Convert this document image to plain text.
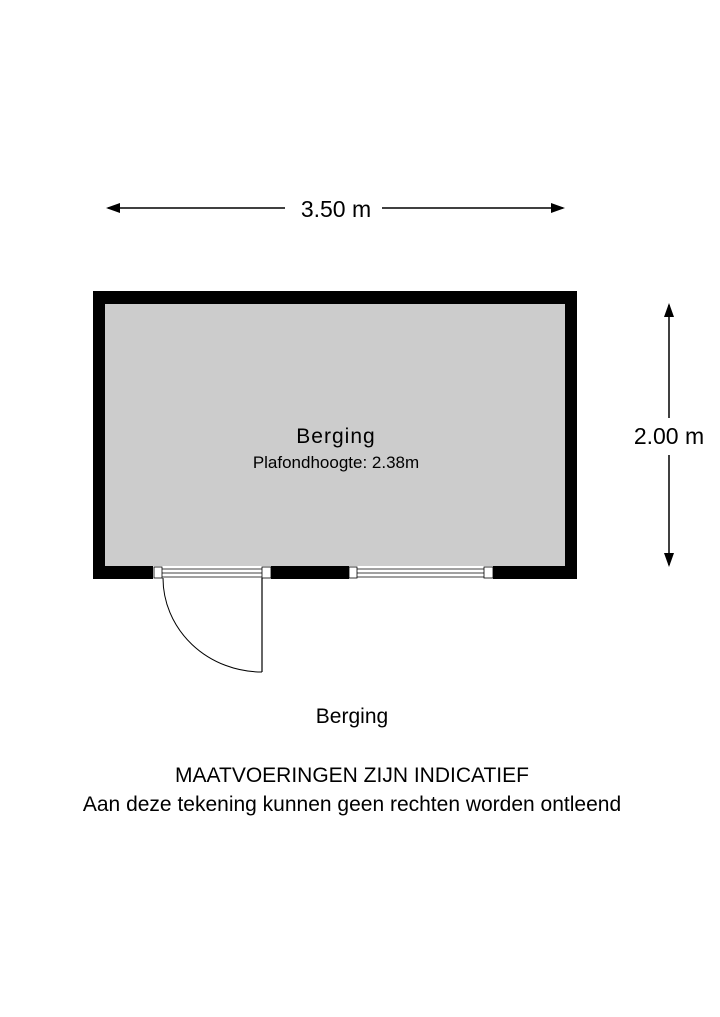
3.50 m
2.00 m
Berging
Plafondhoogte: 2.38m
Berging
MAATVOERINGEN ZIJN INDICATIEF
Aan deze tekening kunnen geen rechten worden ontleend
